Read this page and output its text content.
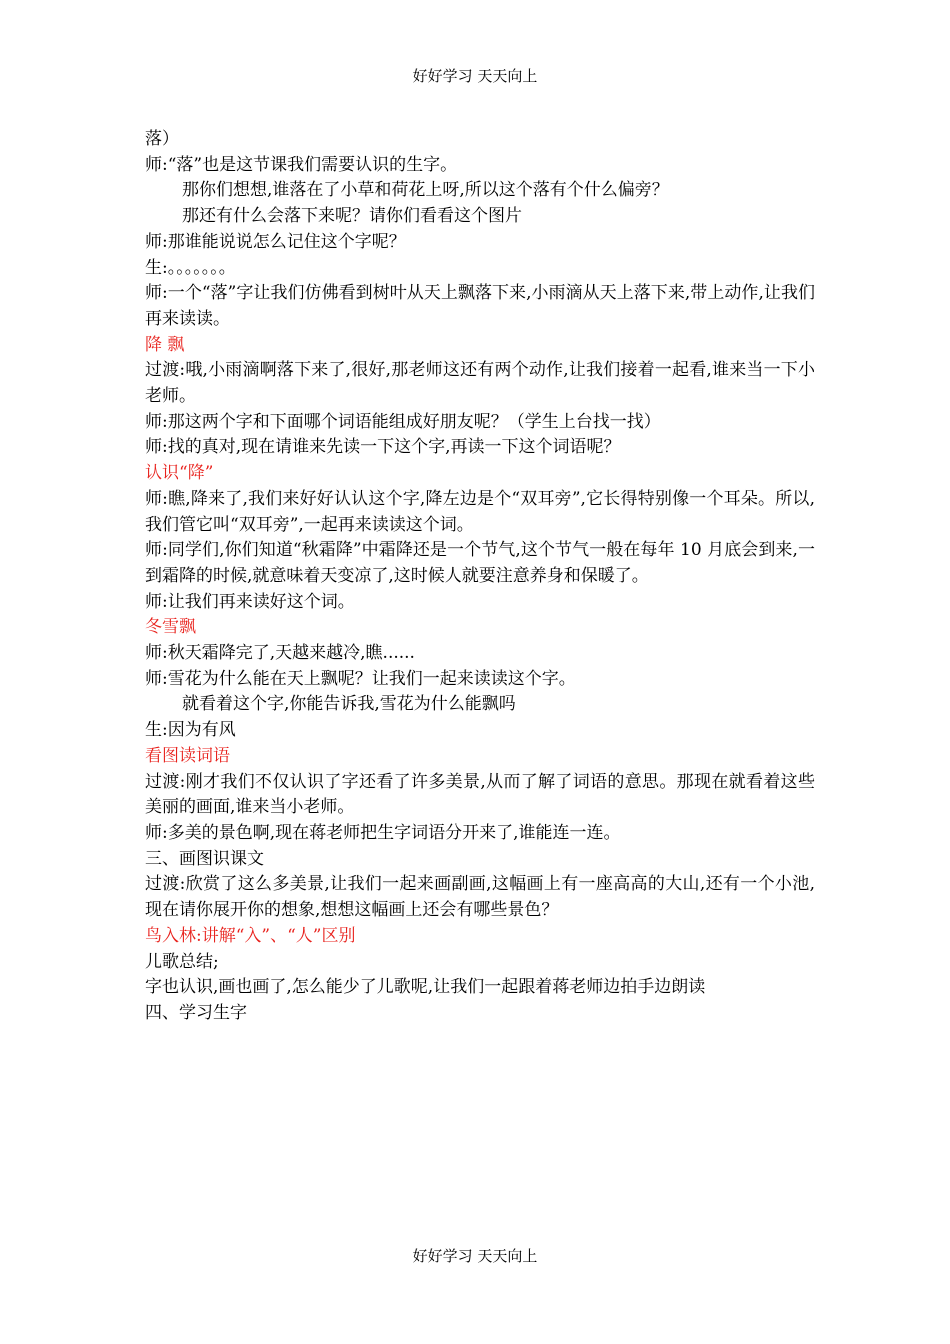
好好学习 天天向上

落）

师:“落”也是这节课我们需要认识的生字。

那你们想想,谁落在了小草和荷花上呀,所以这个落有个什么偏旁？

那还有什么会落下来呢？请你们看看这个图片

师:那谁能说说怎么记住这个字呢？

生:。。。。。。。

师:一个“落”字让我们仿佛看到树叶从天上飘落下来,小雨滴从天上落下来,带上动作,让我们再来读读。

降 飘

过渡:哦,小雨滴啊落下来了,很好,那老师这还有两个动作,让我们接着一起看,谁来当一下小老师。

师:那这两个字和下面哪个词语能组成好朋友呢？（学生上台找一找）

师:找的真对,现在请谁来先读一下这个字,再读一下这个词语呢？

认识“降”

师:瞧,降来了,我们来好好认认这个字,降左边是个“双耳旁”,它长得特别像一个耳朵。所以,我们管它叫“双耳旁”,一起再来读读这个词。

师:同学们,你们知道“秋霜降”中霜降还是一个节气,这个节气一般在每年 10 月底会到来,一到霜降的时候,就意味着天变凉了,这时候人就要注意养身和保暖了。

师:让我们再来读好这个词。

冬雪飘

师:秋天霜降完了,天越来越冷,瞧......

师:雪花为什么能在天上飘呢？让我们一起来读读这个字。

就看着这个字,你能告诉我,雪花为什么能飘吗

生:因为有风

看图读词语

过渡:刚才我们不仅认识了字还看了许多美景,从而了解了词语的意思。那现在就看着这些美丽的画面,谁来当小老师。

师:多美的景色啊,现在蒋老师把生字词语分开来了,谁能连一连。

三、画图识课文

过渡:欣赏了这么多美景,让我们一起来画副画,这幅画上有一座高高的大山,还有一个小池,现在请你展开你的想象,想想这幅画上还会有哪些景色？

鸟入林:讲解“入”、“人”区别

儿歌总结;

字也认识,画也画了,怎么能少了儿歌呢,让我们一起跟着蒋老师边拍手边朗读

四、学习生字

好好学习 天天向上
